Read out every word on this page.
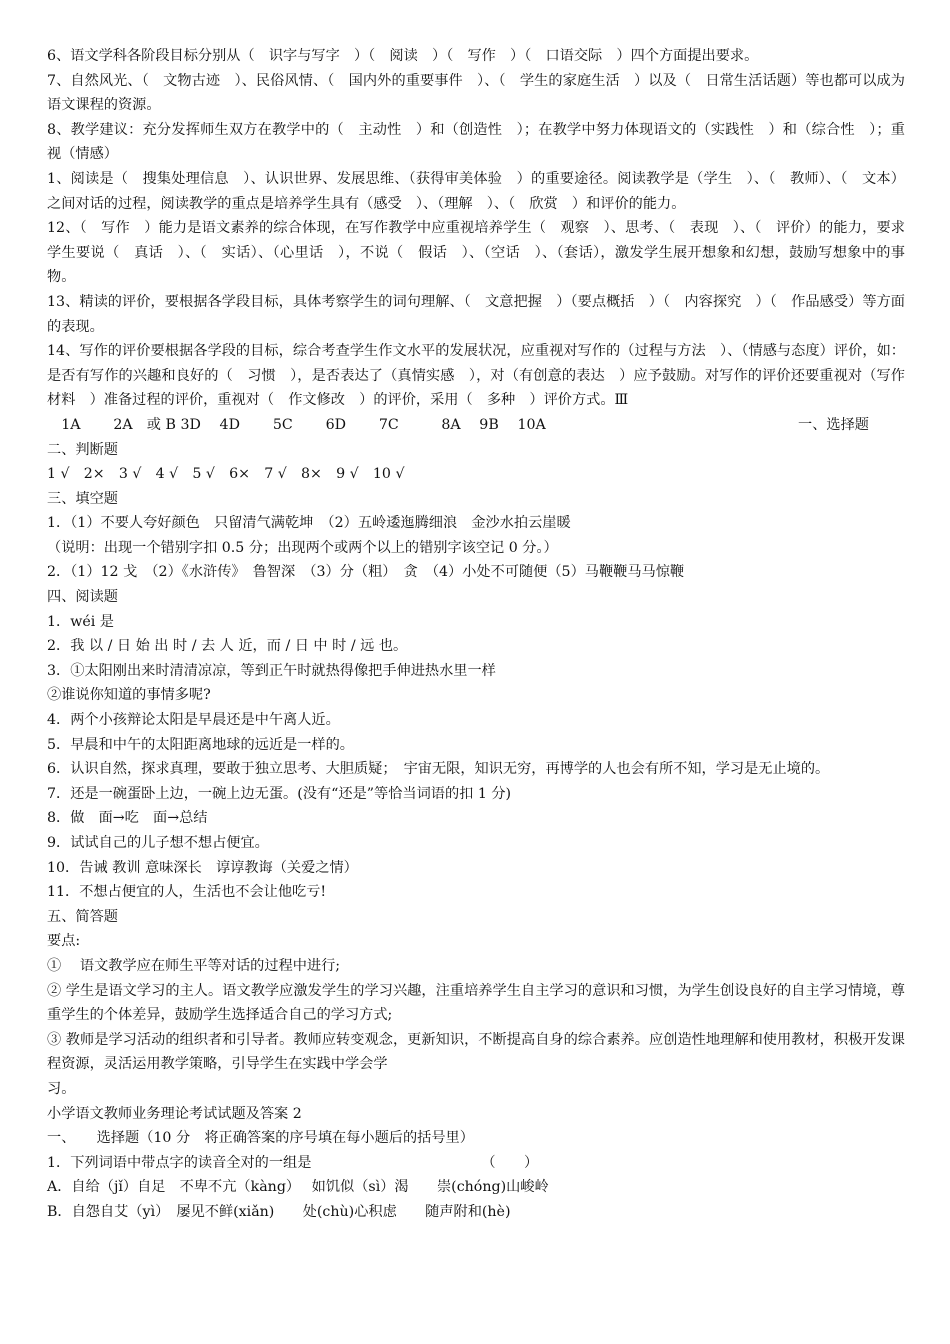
6、语文学科各阶段目标分别从（　识字与写字　）（　阅读　）（　写作　）（　口语交际　）四个方面提出要求。

7、自然风光、（　文物古迹　）、民俗风情、（　国内外的重要事件　）、（　学生的家庭生活　）以及（　日常生活话题）等也都可以成为语文课程的资源。

8、教学建议：充分发挥师生双方在教学中的（　主动性　）和（创造性　）；在教学中努力体现语文的（实践性　）和（综合性　）；重视（情感）

1、阅读是（　搜集处理信息　）、认识世界、发展思维、（获得审美体验　）的重要途径。阅读教学是（学生　）、（　教师）、（　文本）之间对话的过程，阅读教学的重点是培养学生具有（感受　）、（理解　）、（　欣赏　）和评价的能力。

12、（　写作　）能力是语文素养的综合体现，在写作教学中应重视培养学生（　观察　）、思考、（　表现　）、（　评价）的能力，要求学生要说（　真话　）、（　实话）、（心里话　），不说（　假话　）、（空话　）、（套话），激发学生展开想象和幻想，鼓励写想象中的事物。

13、精读的评价，要根据各学段目标，具体考察学生的词句理解、（　文意把握　）（要点概括　）（　内容探究　）（　作品感受）等方面的表现。

14、写作的评价要根据各学段的目标，综合考查学生作文水平的发展状况，应重视对写作的（过程与方法　）、（情感与态度）评价，如：是否有写作的兴趣和良好的（　习惯　），是否表达了（真情实感　），对（有创意的表达　）应予鼓励。对写作的评价还要重视对（写作材料　）准备过程的评价，重视对（　作文修改　）的评价，采用（　多种　）评价方式。Ⅲ
一、选择题

　1A　　 2A　或 B 3D　 4D　　 5C　　 6D　　 7C　　　8A　 9B　 10A

二、判断题

1 √　2×　3 √　4 √　5 √　6×　7 √　8×　9 √　10 √

三、填空题

1．（1）不要人夸好颜色　只留清气满乾坤　（2）五岭逶迤腾细浪　金沙水拍云崖暖

（说明：出现一个错别字扣 0.5 分；出现两个或两个以上的错别字该空记 0 分。）

2．（1）12 戈　（2）《水浒传》　鲁智深　（3）分（粗）　贪　（4）小处不可随便（5）马鞭鞭马马惊鞭

四、阅读题

1．wéi 是

2．我 以 / 日 始 出 时 / 去 人 近，而 / 日 中 时 / 远 也。

3．①太阳刚出来时清清凉凉，等到正午时就热得像把手伸进热水里一样

②谁说你知道的事情多呢?

4．两个小孩辩论太阳是早晨还是中午离人近。

5．早晨和中午的太阳距离地球的远近是一样的。

6．认识自然，探求真理，要敢于独立思考、大胆质疑；　宇宙无限，知识无穷，再博学的人也会有所不知，学习是无止境的。

7．还是一碗蛋卧上边，一碗上边无蛋。(没有“还是”等恰当词语的扣 1 分)

8．做　面→吃　面→总结

9．试试自己的儿子想不想占便宜。

10．告诫 教训 意味深长　谆谆教诲（关爱之情）

11．不想占便宜的人，生活也不会让他吃亏!

五、简答题

要点:

①　 语文教学应在师生平等对话的过程中进行;

② 学生是语文学习的主人。语文教学应激发学生的学习兴趣，注重培养学生自主学习的意识和习惯，为学生创设良好的自主学习情境，尊重学生的个体差异，鼓励学生选择适合自己的学习方式;

③ 教师是学习活动的组织者和引导者。教师应转变观念，更新知识，不断提高自身的综合素养。应创造性地理解和使用教材，积极开发课程资源，灵活运用教学策略，引导学生在实践中学会学

习。

小学语文教师业务理论考试试题及答案 2

一、　　选择题（10 分　将正确答案的序号填在每小题后的括号里）

1．下列词语中带点字的读音全对的一组是	（　　）

A．自给（jǐ）自足　不卑不亢（kàng）　 如饥似（sì）渴　　崇(chóng)山峻岭

B．自怨自艾（yì）　屡见不鲜(xiǎn)　　处(chù)心积虑　　随声附和(hè)
